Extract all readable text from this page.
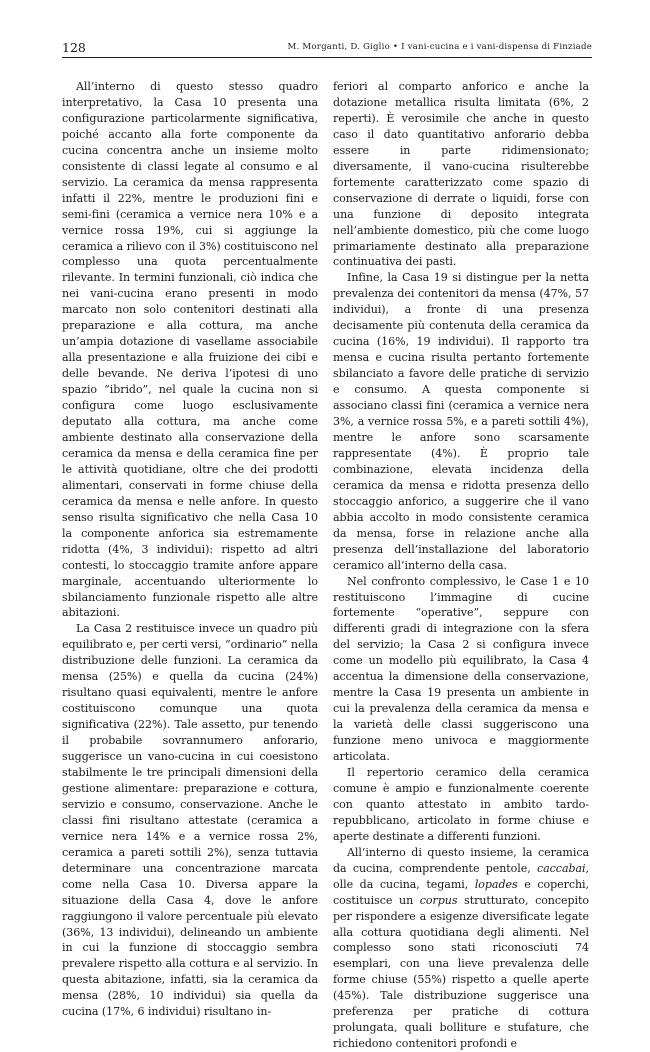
128	M. Morganti, D. Giglio • I vani-cucina e i vani-dispensa di Finziade

All’interno di questo stesso quadro interpretativo, la Casa 10 presenta una configurazione particolarmente significativa, poiché accanto alla forte componente da cucina concentra anche un insieme molto consistente di classi legate al consumo e al servizio. La ceramica da mensa rappresenta infatti il 22%, mentre le produzioni fini e semi-fini (ceramica a vernice nera 10% e a vernice rossa 19%, cui si aggiunge la ceramica a rilievo con il 3%) costituiscono nel complesso una quota percentualmente rilevante. In termini funzionali, ciò indica che nei vani-cucina erano presenti in modo marcato non solo contenitori destinati alla preparazione e alla cottura, ma anche un’ampia dotazione di vasellame associabile alla presentazione e alla fruizione dei cibi e delle bevande. Ne deriva l’ipotesi di uno spazio “ibrido”, nel quale la cucina non si configura come luogo esclusivamente deputato alla cottura, ma anche come ambiente destinato alla conservazione della ceramica da mensa e della ceramica fine per le attività quotidiane, oltre che dei prodotti alimentari, conservati in forme chiuse della ceramica da mensa e nelle anfore. In questo senso risulta significativo che nella Casa 10 la componente anforica sia estremamente ridotta (4%, 3 individui): rispetto ad altri contesti, lo stoccaggio tramite anfore appare marginale, accentuando ulteriormente lo sbilanciamento funzionale rispetto alle altre abitazioni.

La Casa 2 restituisce invece un quadro più equilibrato e, per certi versi, “ordinario” nella distribuzione delle funzioni. La ceramica da mensa (25%) e quella da cucina (24%) risultano quasi equivalenti, mentre le anfore costituiscono comunque una quota significativa (22%). Tale assetto, pur tenendo il probabile sovrannumero anforario, suggerisce un vano-cucina in cui coesistono stabilmente le tre principali dimensioni della gestione alimentare: preparazione e cottura, servizio e consumo, conservazione. Anche le classi fini risultano attestate (ceramica a vernice nera 14% e a vernice rossa 2%, ceramica a pareti sottili 2%), senza tuttavia determinare una concentrazione marcata come nella Casa 10. Diversa appare la situazione della Casa 4, dove le anfore raggiungono il valore percentuale più elevato (36%, 13 individui), delineando un ambiente in cui la funzione di stoccaggio sembra prevalere rispetto alla cottura e al servizio. In questa abitazione, infatti, sia la ceramica da mensa (28%, 10 individui) sia quella da cucina (17%, 6 individui) risultano in-

feriori al comparto anforico e anche la dotazione metallica risulta limitata (6%, 2 reperti). È verosimile che anche in questo caso il dato quantitativo anforario debba essere in parte ridimensionato; diversamente, il vano-cucina risulterebbe fortemente caratterizzato come spazio di conservazione di derrate o liquidi, forse con una funzione di deposito integrata nell’ambiente domestico, più che come luogo primariamente destinato alla preparazione continuativa dei pasti.

Infine, la Casa 19 si distingue per la netta prevalenza dei contenitori da mensa (47%, 57 individui), a fronte di una presenza decisamente più contenuta della ceramica da cucina (16%, 19 individui). Il rapporto tra mensa e cucina risulta pertanto fortemente sbilanciato a favore delle pratiche di servizio e consumo. A questa componente si associano classi fini (ceramica a vernice nera 3%, a vernice rossa 5%, e a pareti sottili 4%), mentre le anfore sono scarsamente rappresentate (4%). È proprio tale combinazione, elevata incidenza della ceramica da mensa e ridotta presenza dello stoccaggio anforico, a suggerire che il vano abbia accolto in modo consistente ceramica da mensa, forse in relazione anche alla presenza dell’installazione del laboratorio ceramico all’interno della casa.

Nel confronto complessivo, le Case 1 e 10 restituiscono l’immagine di cucine fortemente “operative”, seppure con differenti gradi di integrazione con la sfera del servizio; la Casa 2 si configura invece come un modello più equilibrato, la Casa 4 accentua la dimensione della conservazione, mentre la Casa 19 presenta un ambiente in cui la prevalenza della ceramica da mensa e la varietà delle classi suggeriscono una funzione meno univoca e maggiormente articolata.

Il repertorio ceramico della ceramica comune è ampio e funzionalmente coerente con quanto attestato in ambito tardo-repubblicano, articolato in forme chiuse e aperte destinate a differenti funzioni.

All’interno di questo insieme, la ceramica da cucina, comprendente pentole, caccabai, olle da cucina, tegami, lopades e coperchi, costituisce un corpus strutturato, concepito per rispondere a esigenze diversificate legate alla cottura quotidiana degli alimenti. Nel complesso sono stati riconosciuti 74 esemplari, con una lieve prevalenza delle forme chiuse (55%) rispetto a quelle aperte (45%). Tale distribuzione suggerisce una preferenza per pratiche di cottura prolungata, quali bolliture e stufature, che richiedono contenitori profondi e
